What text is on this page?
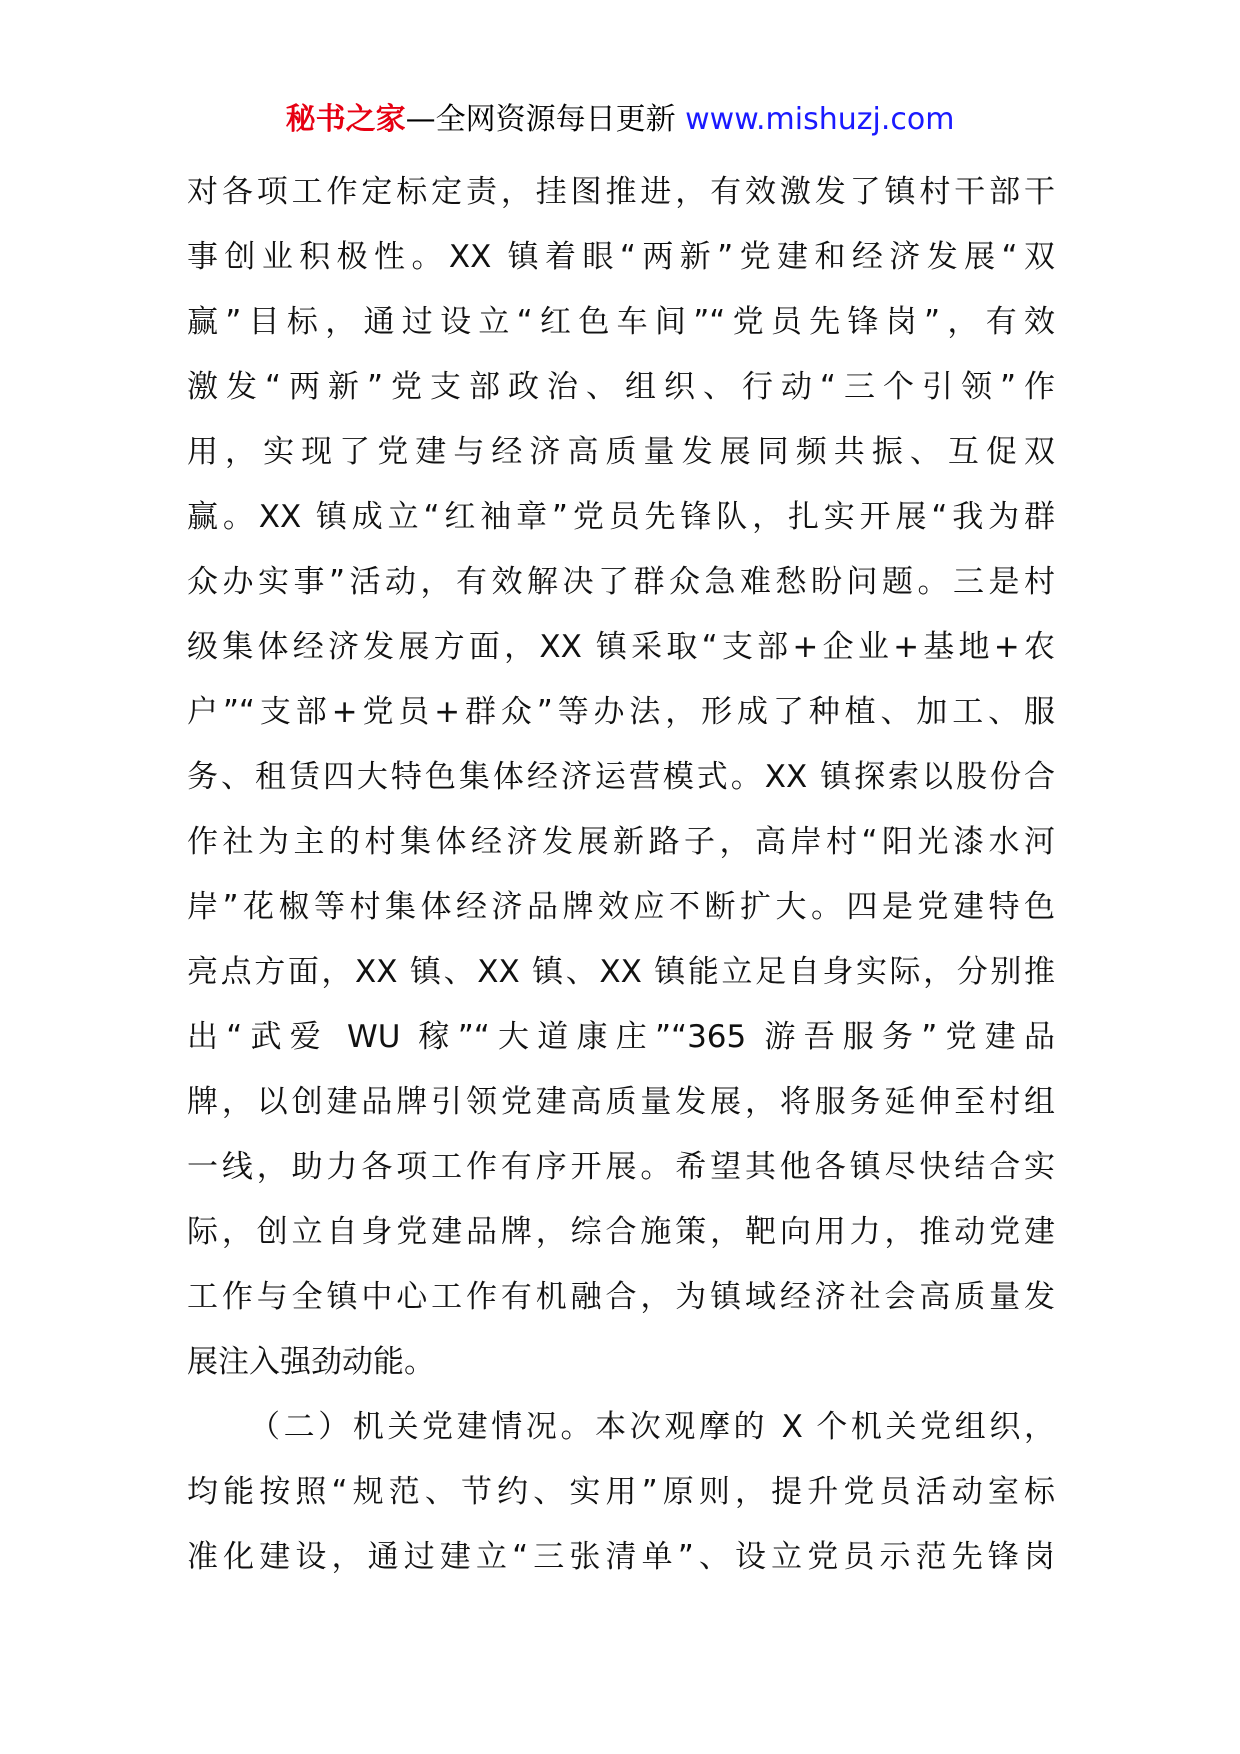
秘书之家—全网资源每日更新 www.mishuzj.com
对各项工作定标定责，挂图推进，有效激发了镇村干部干
事创业积极性。XX 镇着眼“两新”党建和经济发展“双
赢”目标，通过设立“红色车间”“党员先锋岗”，有效
激发“两新”党支部政治、组织、行动“三个引领”作
用，实现了党建与经济高质量发展同频共振、互促双
赢。XX 镇成立“红袖章”党员先锋队，扎实开展“我为群
众办实事”活动，有效解决了群众急难愁盼问题。三是村
级集体经济发展方面，XX 镇采取“支部+企业+基地+农
户”“支部+党员+群众”等办法，形成了种植、加工、服
务、租赁四大特色集体经济运营模式。XX 镇探索以股份合
作社为主的村集体经济发展新路子，高岸村“阳光漆水河
岸”花椒等村集体经济品牌效应不断扩大。四是党建特色
亮点方面，XX 镇、XX 镇、XX 镇能立足自身实际，分别推
出“武爱 WU 稼”“大道康庄”“365 游吾服务”党建品
牌，以创建品牌引领党建高质量发展，将服务延伸至村组
一线，助力各项工作有序开展。希望其他各镇尽快结合实
际，创立自身党建品牌，综合施策，靶向用力，推动党建
工作与全镇中心工作有机融合，为镇域经济社会高质量发
展注入强劲动能。
（二）机关党建情况。本次观摩的 X 个机关党组织，
均能按照“规范、节约、实用”原则，提升党员活动室标
准化建设，通过建立“三张清单”、设立党员示范先锋岗
